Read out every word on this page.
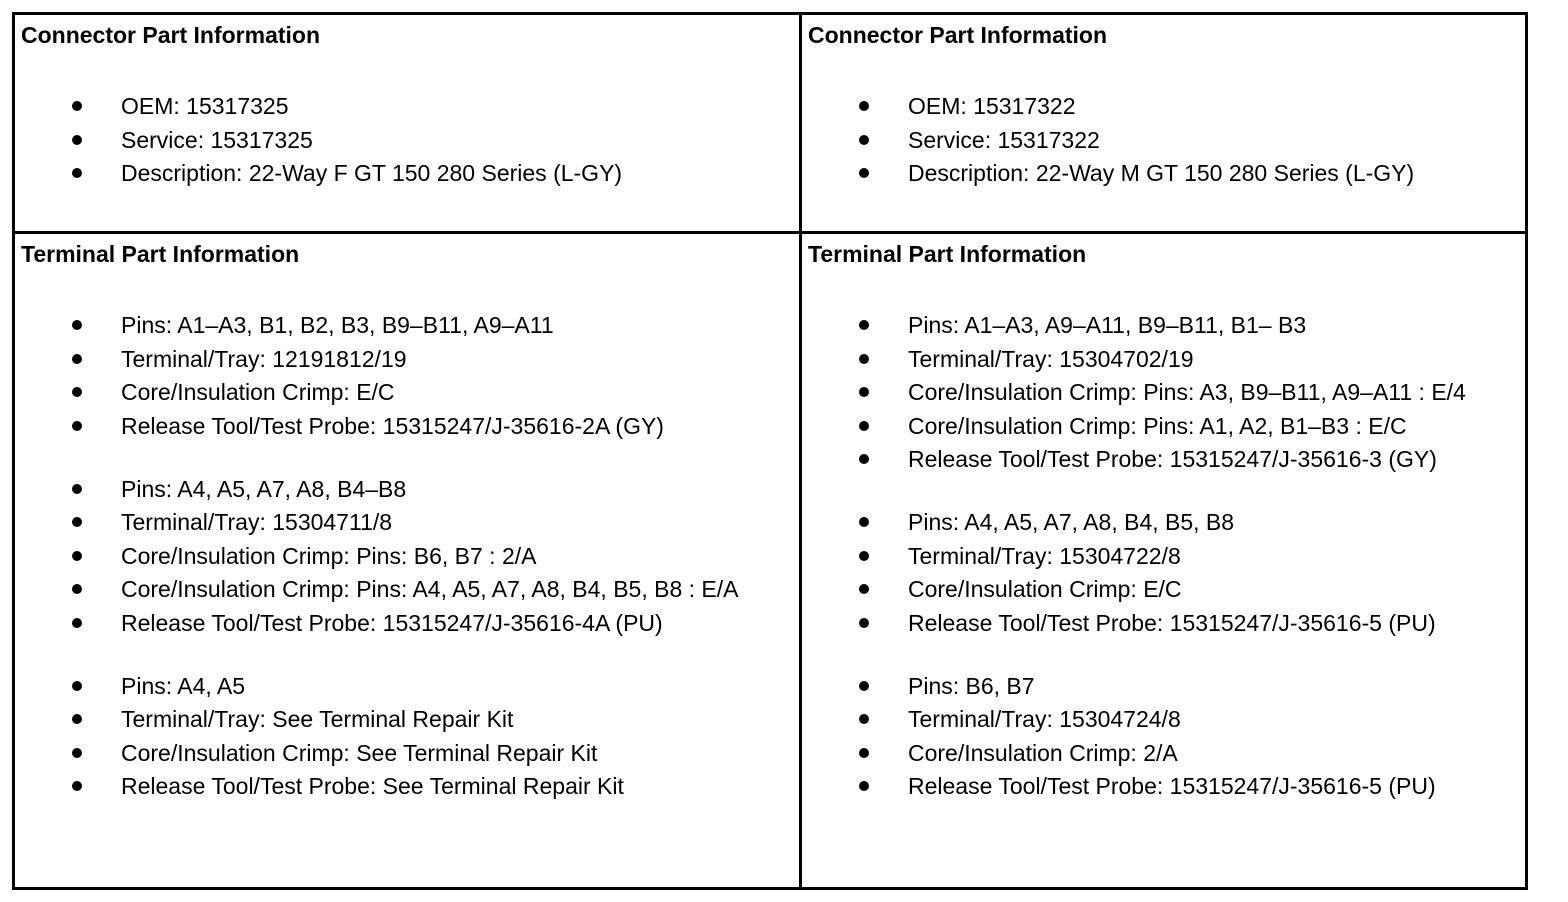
Connector Part Information
OEM: 15317325
Service: 15317325
Description: 22-Way F GT 150 280 Series (L-GY)
Connector Part Information
OEM: 15317322
Service: 15317322
Description: 22-Way M GT 150 280 Series (L-GY)
Terminal Part Information
Pins: A1–A3, B1, B2, B3, B9–B11, A9–A11
Terminal/Tray: 12191812/19
Core/Insulation Crimp: E/C
Release Tool/Test Probe: 15315247/J-35616-2A (GY)
Pins: A4, A5, A7, A8, B4–B8
Terminal/Tray: 15304711/8
Core/Insulation Crimp: Pins: B6, B7 : 2/A
Core/Insulation Crimp: Pins: A4, A5, A7, A8, B4, B5, B8 : E/A
Release Tool/Test Probe: 15315247/J-35616-4A (PU)
Pins: A4, A5
Terminal/Tray: See Terminal Repair Kit
Core/Insulation Crimp: See Terminal Repair Kit
Release Tool/Test Probe: See Terminal Repair Kit
Terminal Part Information
Pins: A1–A3, A9–A11, B9–B11, B1– B3
Terminal/Tray: 15304702/19
Core/Insulation Crimp: Pins: A3, B9–B11, A9–A11 : E/4
Core/Insulation Crimp: Pins: A1, A2, B1–B3 : E/C
Release Tool/Test Probe: 15315247/J-35616-3 (GY)
Pins: A4, A5, A7, A8, B4, B5, B8
Terminal/Tray: 15304722/8
Core/Insulation Crimp: E/C
Release Tool/Test Probe: 15315247/J-35616-5 (PU)
Pins: B6, B7
Terminal/Tray: 15304724/8
Core/Insulation Crimp: 2/A
Release Tool/Test Probe: 15315247/J-35616-5 (PU)
